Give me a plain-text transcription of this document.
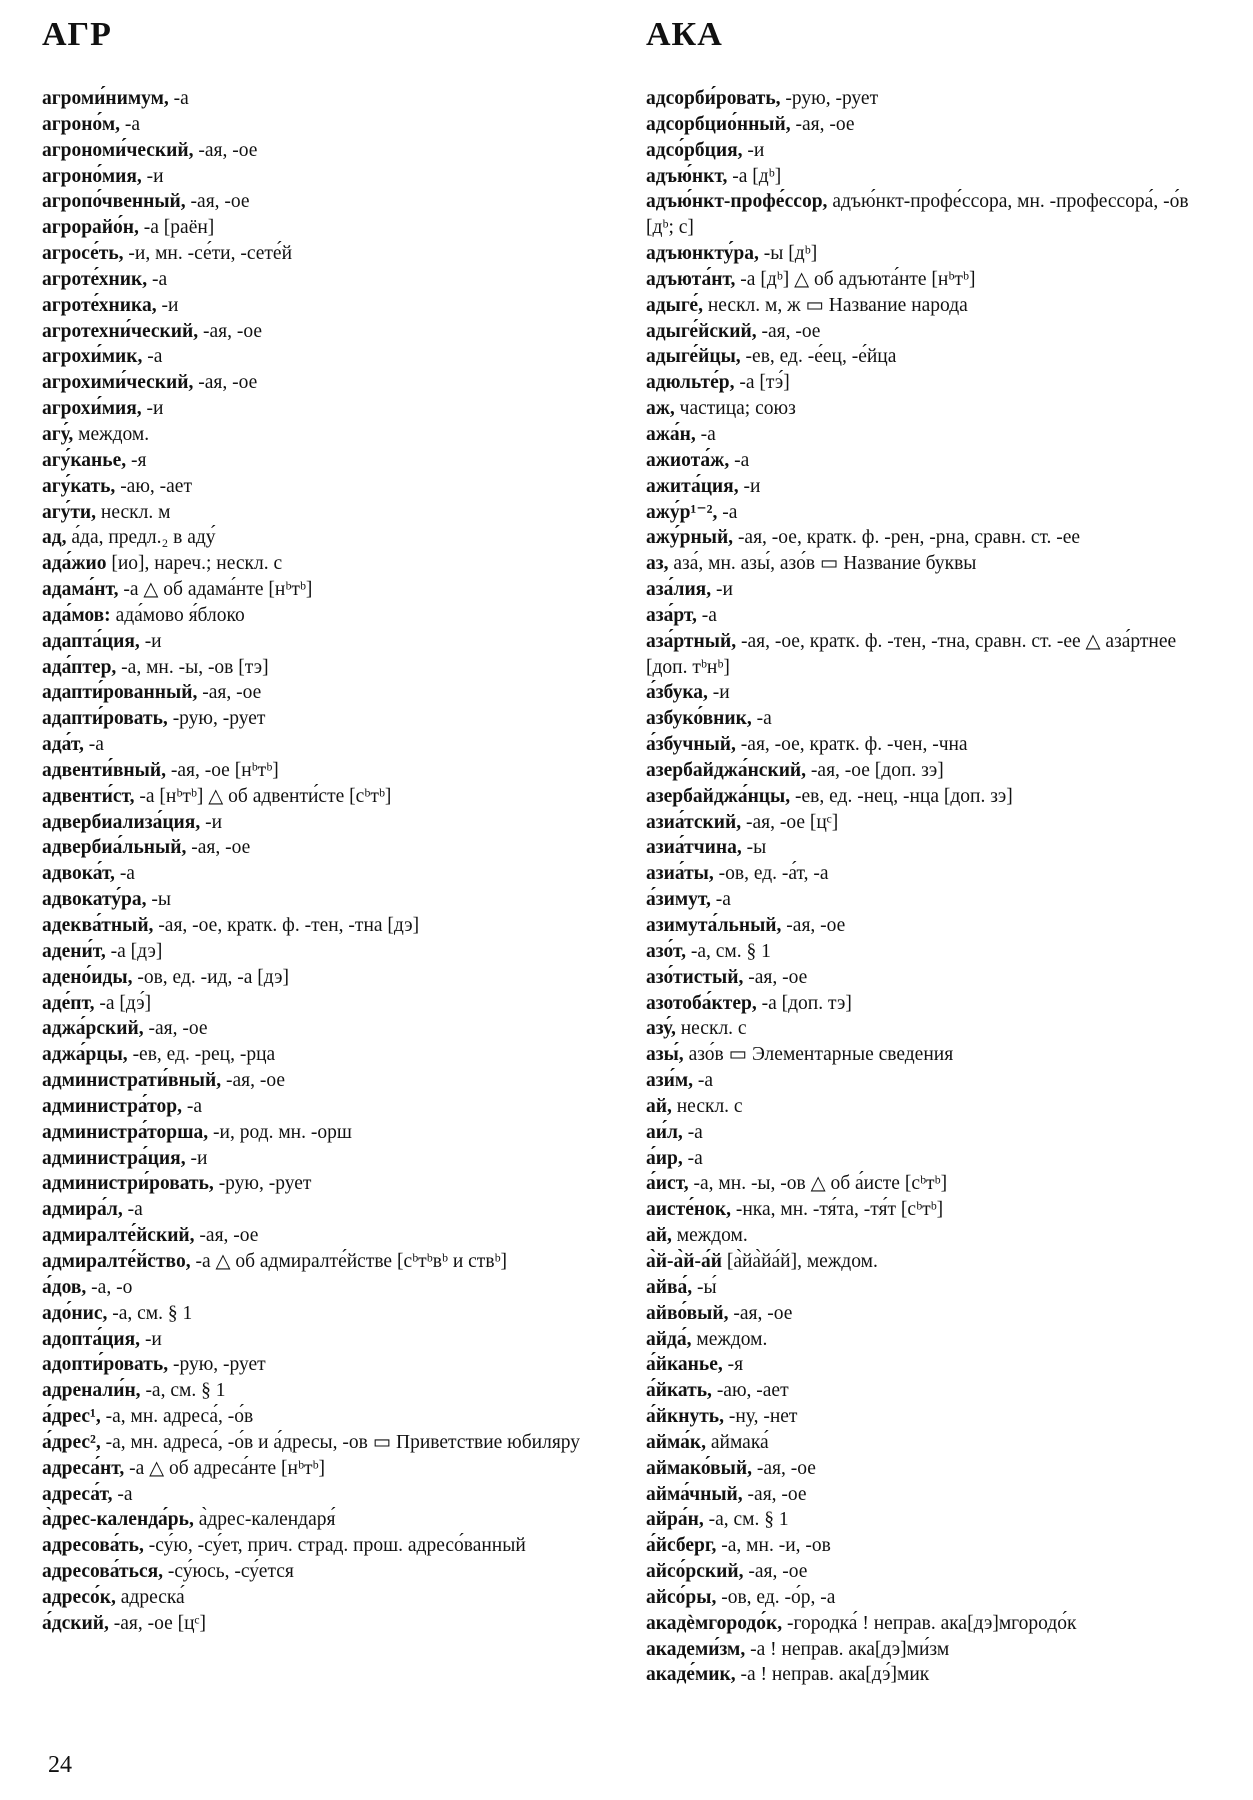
АГР	АКА

агроми́нимум, -а

агроно́м, -а

агрономи́ческий, -ая, -ое

агроно́мия, -и

агропо́чвенный, -ая, -ое

агрорайо́н, -а [раён]

агросе́ть, -и, мн. -се́ти, -сете́й

агроте́хник, -а

агроте́хника, -и

агротехни́ческий, -ая, -ое

агрохи́мик, -а

агрохими́ческий, -ая, -ое

агрохи́мия, -и

агу́, междом.

агу́канье, -я

агу́кать, -аю, -ает

агу́ти, нескл. м

ад, а́да, предл.₂ в аду́

ада́жио [ио], нареч.; нескл. с

адама́нт, -а △ об адама́нте [нᵇтᵇ]

ада́мов: ада́мово я́блоко

адапта́ция, -и

ада́птер, -а, мн. -ы, -ов [тэ]

адапти́рованный, -ая, -ое

адапти́ровать, -рую, -рует

ада́т, -а

адвенти́вный, -ая, -ое [нᵇтᵇ]

адвенти́ст, -а [нᵇтᵇ] △ об адвенти́сте [сᵇтᵇ]

адвербиализа́ция, -и

адвербиа́льный, -ая, -ое

адвока́т, -а

адвокату́ра, -ы

адеква́тный, -ая, -ое, кратк. ф. -тен, -тна [дэ]

адени́т, -а [дэ]

адено́иды, -ов, ед. -ид, -а [дэ]

аде́пт, -а [дэ́]

аджа́рский, -ая, -ое

аджа́рцы, -ев, ед. -рец, -рца

администрати́вный, -ая, -ое

администра́тор, -а

администра́торша, -и, род. мн. -орш

администра́ция, -и

администри́ровать, -рую, -рует

адмира́л, -а

адмиралте́йский, -ая, -ое

адмиралте́йство, -а △ об адмиралте́йстве [сᵇтᵇвᵇ и ствᵇ]

а́дов, -а, -о

адо́нис, -а, см. § 1

адопта́ция, -и

адопти́ровать, -рую, -рует

адренали́н, -а, см. § 1

а́дрес¹, -а, мн. адреса́, -о́в

а́дрес², -а, мн. адреса́, -о́в и а́дресы, -ов ▭ Приветствие юбиляру

адреса́нт, -а △ об адреса́нте [нᵇтᵇ]

адреса́т, -а

а̀дрес-календа́рь, а̀дрес-календаря́

адресова́ть, -су́ю, -су́ет, прич. страд. прош. адресо́ванный

адресова́ться, -су́юсь, -су́ется

адресо́к, адреска́

а́дский, -ая, -ое [цᶜ]

адсорби́ровать, -рую, -рует

адсорбцио́нный, -ая, -ое

адсо́рбция, -и

адъю́нкт, -а [дᵇ]

адъю́нкт-профе́ссор, адъю́нкт-профе́ссора, мн. -профессора́, -о́в [дᵇ; с]

адъюнкту́ра, -ы [дᵇ]

адъюта́нт, -а [дᵇ] △ об адъюта́нте [нᵇтᵇ]

адыге́, нескл. м, ж ▭ Название народа

адыге́йский, -ая, -ое

адыге́йцы, -ев, ед. -е́ец, -е́йца

адюльте́р, -а [тэ́]

аж, частица; союз

ажа́н, -а

ажиота́ж, -а

ажита́ция, -и

ажу́р¹⁻², -а

ажу́рный, -ая, -ое, кратк. ф. -рен, -рна, сравн. ст. -ее

аз, аза́, мн. азы́, азо́в ▭ Название буквы

аза́лия, -и

аза́рт, -а

аза́ртный, -ая, -ое, кратк. ф. -тен, -тна, сравн. ст. -ее △ аза́ртнее [доп. тᵇнᵇ]

а́збука, -и

азбуко́вник, -а

а́збучный, -ая, -ое, кратк. ф. -чен, -чна

азербайджа́нский, -ая, -ое [доп. зэ]

азербайджа́нцы, -ев, ед. -нец, -нца [доп. зэ]

азиа́тский, -ая, -ое [цᶜ]

азиа́тчина, -ы

азиа́ты, -ов, ед. -а́т, -а

а́зимут, -а

азимута́льный, -ая, -ое

азо́т, -а, см. § 1

азо́тистый, -ая, -ое

азотоба́ктер, -а [доп. тэ]

азу́, нескл. с

азы́, азо́в ▭ Элементарные сведения

ази́м, -а

ай, нескл. с

аи́л, -а

а́ир, -а

а́ист, -а, мн. -ы, -ов △ об а́исте [сᵇтᵇ]

аисте́нок, -нка, мн. -тя́та, -тя́т [сᵇтᵇ]

ай, междом.

а̀й-а̀й-а́й [а̀йа̀йа́й], междом.

айва́, -ы́

айво́вый, -ая, -ое

айда́, междом.

а́йканье, -я

а́йкать, -аю, -ает

а́йкнуть, -ну, -нет

айма́к, аймака́

аймако́вый, -ая, -ое

айма́чный, -ая, -ое

айра́н, -а, см. § 1

а́йсберг, -а, мн. -и, -ов

айсо́рский, -ая, -ое

айсо́ры, -ов, ед. -о́р, -а

акадѐмгородо́к, -городка́ ! неправ. ака[дэ]мгородо́к

академи́зм, -а ! неправ. ака[дэ]ми́зм

акаде́мик, -а ! неправ. ака[дэ́]мик

24
